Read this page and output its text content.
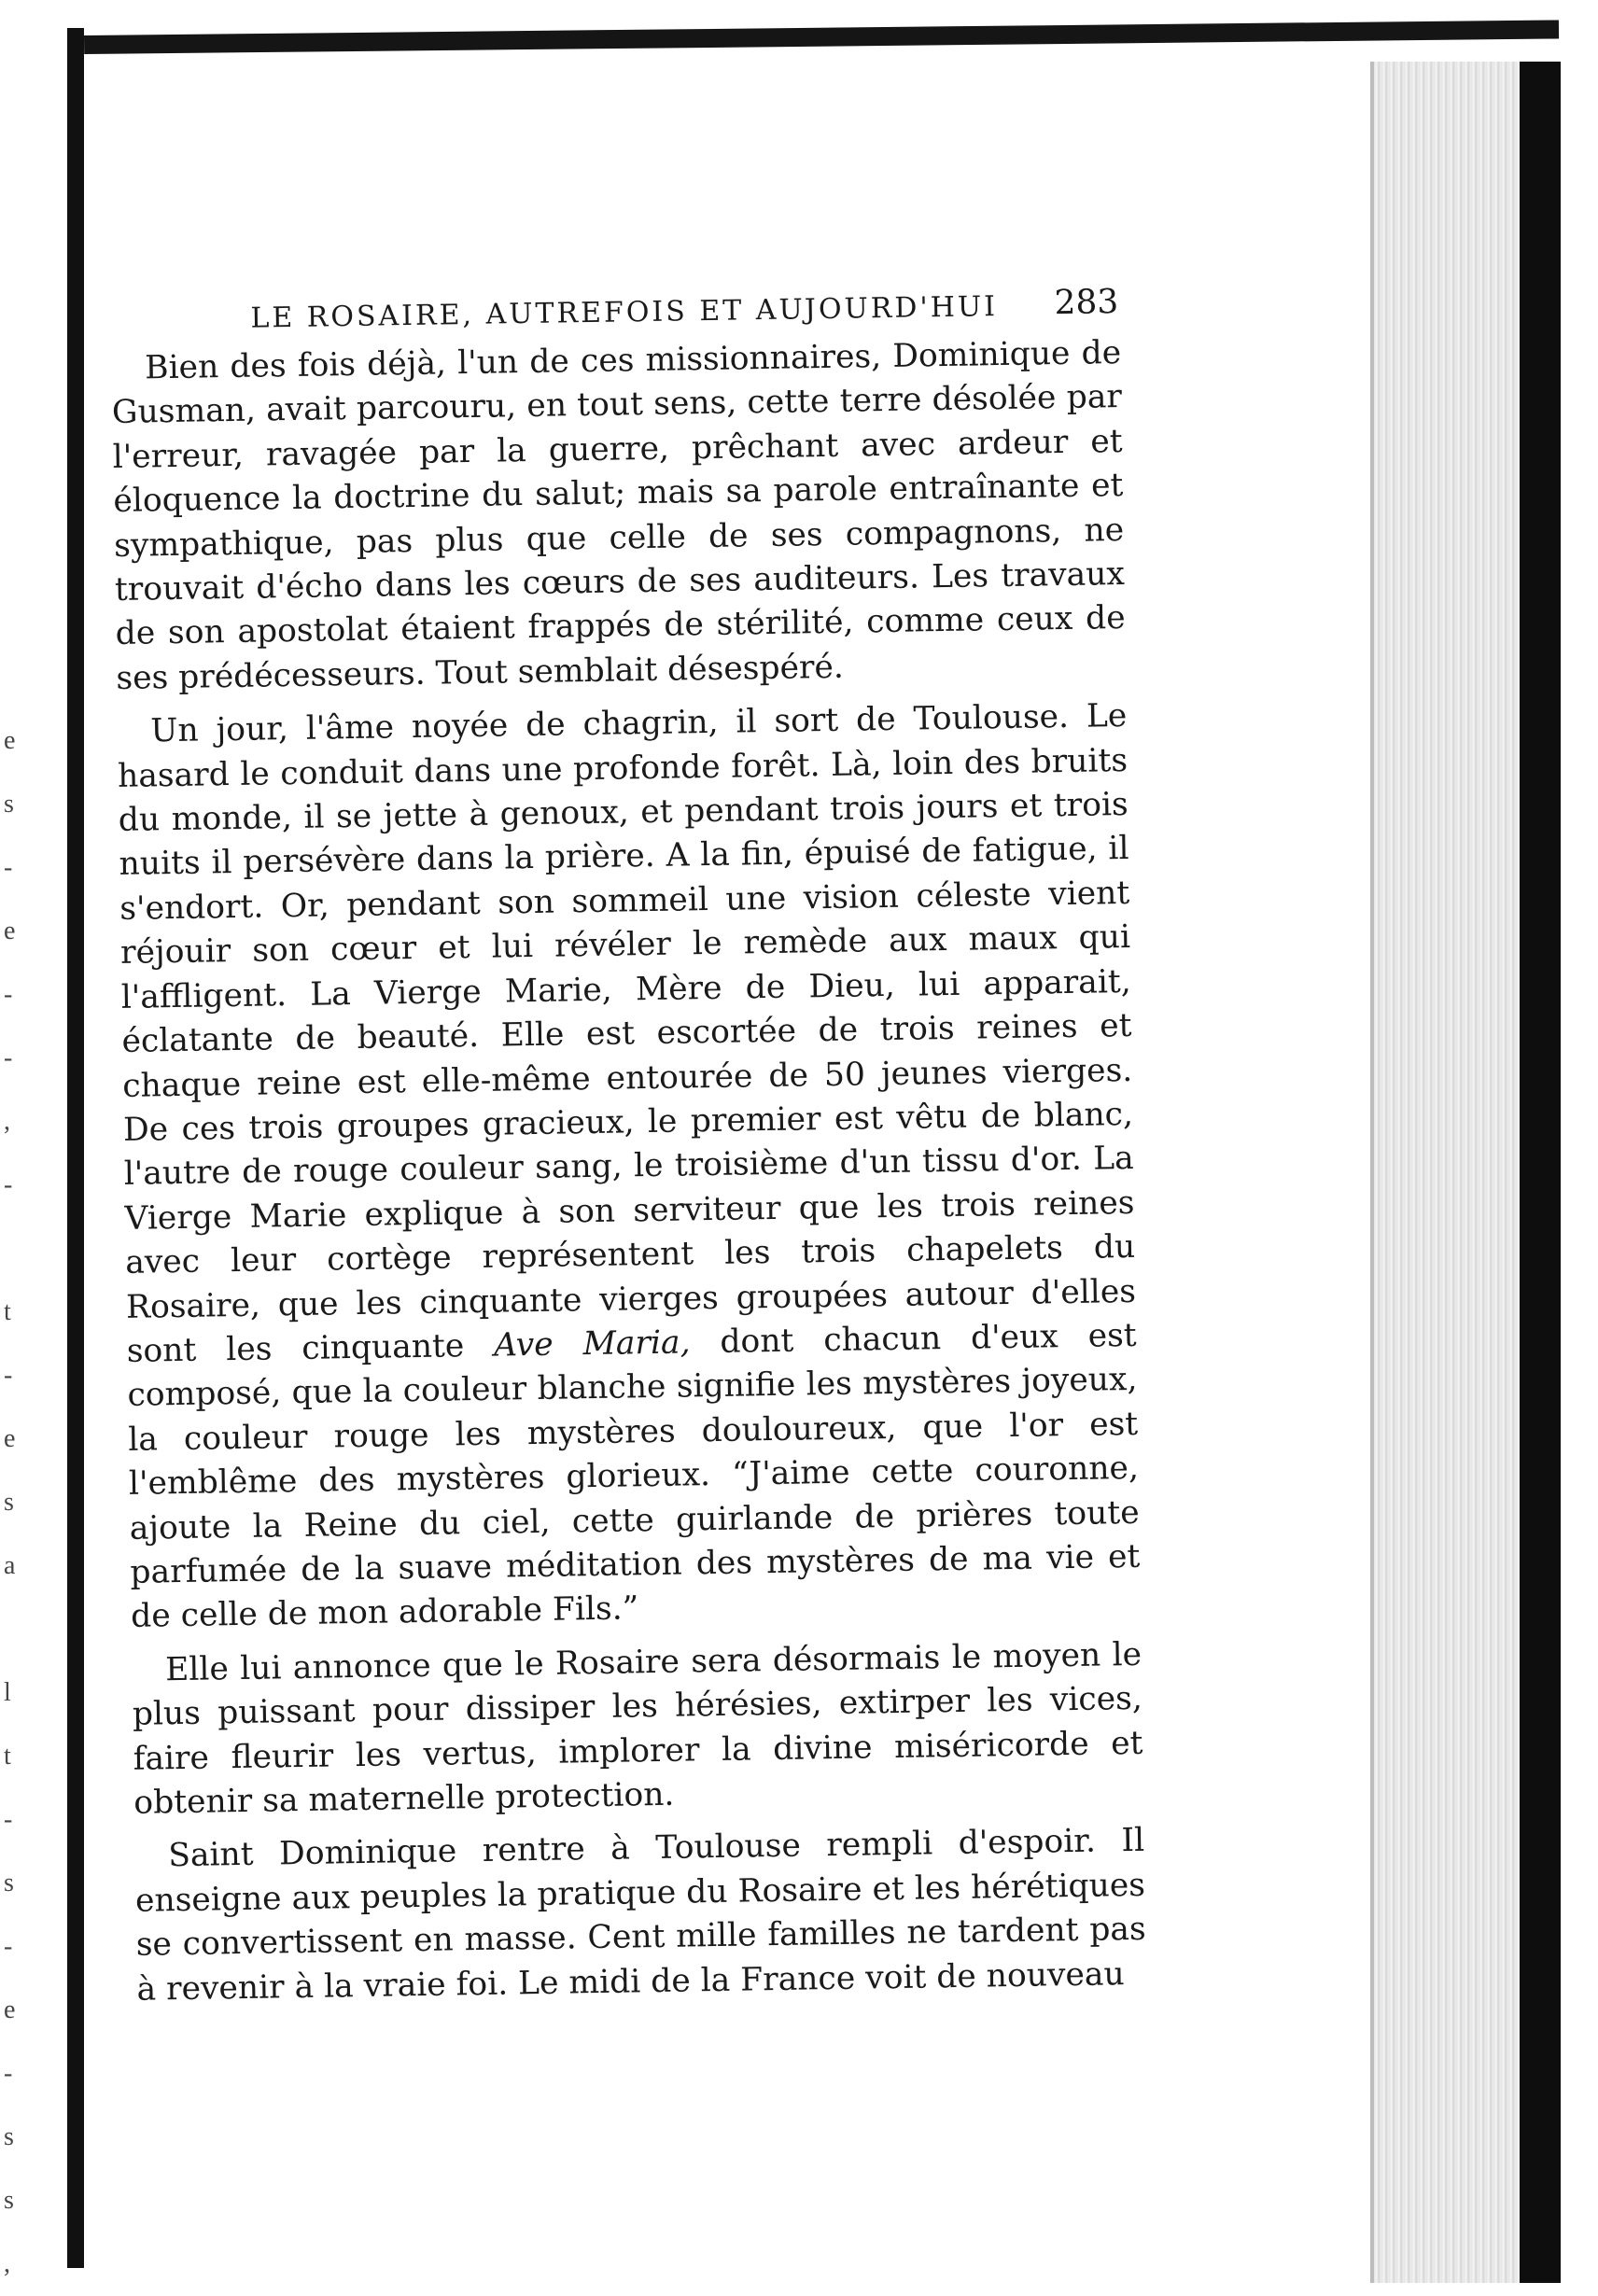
e
s
-
e
-
-
,
-

t
-
e
s
a

l
t
-
s
-
e
-
s
s
,
LE ROSAIRE, AUTREFOIS ET AUJOURD'HUI 283

Bien des fois déjà, l'un de ces missionnaires, Dominique de Gusman, avait parcouru, en tout sens, cette terre désolée par l'erreur, ravagée par la guerre, prêchant avec ardeur et éloquence la doctrine du salut; mais sa parole entraînante et sympathique, pas plus que celle de ses compagnons, ne trouvait d'écho dans les cœurs de ses auditeurs. Les travaux de son apostolat étaient frappés de stérilité, comme ceux de ses prédécesseurs. Tout semblait désespéré.

Un jour, l'âme noyée de chagrin, il sort de Toulouse. Le hasard le conduit dans une profonde forêt. Là, loin des bruits du monde, il se jette à genoux, et pendant trois jours et trois nuits il persévère dans la prière. A la fin, épuisé de fatigue, il s'endort. Or, pendant son sommeil une vision céleste vient réjouir son cœur et lui révéler le remède aux maux qui l'affligent. La Vierge Marie, Mère de Dieu, lui apparait, éclatante de beauté. Elle est escortée de trois reines et chaque reine est elle-même entourée de 50 jeunes vierges. De ces trois groupes gracieux, le premier est vêtu de blanc, l'autre de rouge couleur sang, le troisième d'un tissu d'or. La Vierge Marie explique à son serviteur que les trois reines avec leur cortège représentent les trois chapelets du Rosaire, que les cinquante vierges groupées autour d'elles sont les cinquante Ave Maria, dont chacun d'eux est composé, que la couleur blanche signifie les mystères joyeux, la couleur rouge les mystères douloureux, que l'or est l'emblême des mystères glorieux. “J'aime cette couronne, ajoute la Reine du ciel, cette guirlande de prières toute parfumée de la suave méditation des mystères de ma vie et de celle de mon adorable Fils.”

Elle lui annonce que le Rosaire sera désormais le moyen le plus puissant pour dissiper les hérésies, extirper les vices, faire fleurir les vertus, implorer la divine miséricorde et obtenir sa maternelle protection.

Saint Dominique rentre à Toulouse rempli d'espoir. Il enseigne aux peuples la pratique du Rosaire et les hérétiques se convertissent en masse. Cent mille familles ne tardent pas à revenir à la vraie foi. Le midi de la France voit de nouveau
